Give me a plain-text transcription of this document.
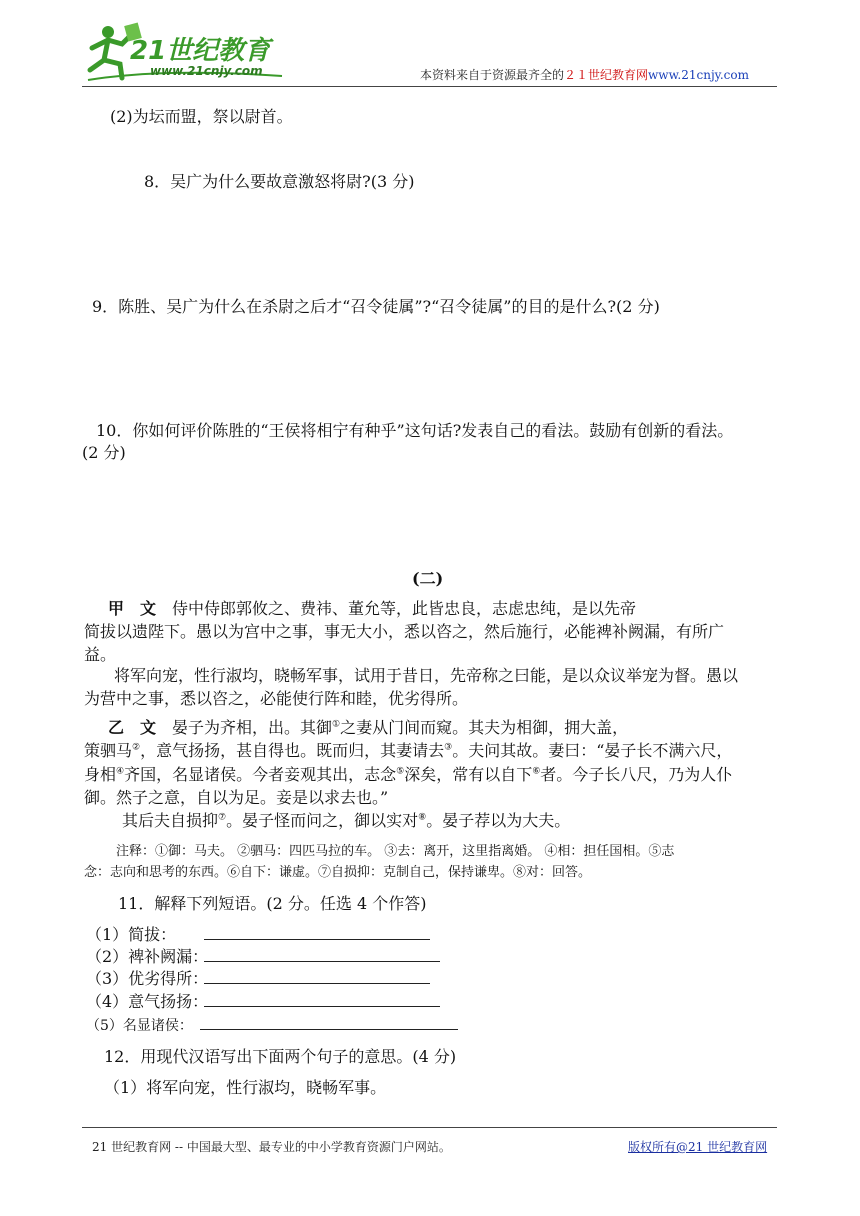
21世纪教育
www.21cnjy.com	本资料来自于资源最齐全的２１世纪教育网www.21cnjy.com
(2)为坛而盟，祭以尉首。
8．吴广为什么要故意激怒将尉?(3 分)
9．陈胜、吴广为什么在杀尉之后才“召令徒属”?“召令徒属”的目的是什么?(2 分)
10．你如何评价陈胜的“王侯将相宁有种乎”这句话?发表自己的看法。鼓励有创新的看法。
(2 分)
(二)
甲　文　 侍中侍郎郭攸之、费祎、董允等，此皆忠良，志虑忠纯，是以先帝
简拔以遗陛下。愚以为宫中之事，事无大小，悉以咨之，然后施行，必能裨补阙漏，有所广
益。
将军向宠，性行淑均，晓畅军事，试用于昔日，先帝称之曰能，是以众议举宠为督。愚以
为营中之事，悉以咨之，必能使行阵和睦，优劣得所。
乙　文　 晏子为齐相，出。其御①之妻从门间而窥。其夫为相御，拥大盖，
策驷马②，意气扬扬，甚自得也。既而归，其妻请去③。夫问其故。妻曰：“晏子长不满六尺，
身相④齐国，名显诸侯。今者妾观其出，志念⑤深矣，常有以自下⑥者。今子长八尺，乃为人仆
御。然子之意，自以为足。妾是以求去也。”
其后夫自损抑⑦。晏子怪而问之，御以实对⑧。晏子荐以为大夫。
注释：①御：马夫。 ②驷马：四匹马拉的车。 ③去：离开，这里指离婚。 ④相：担任国相。⑤志
念：志向和思考的东西。⑥自下：谦虚。⑦自损抑：克制自己，保持谦卑。⑧对：回答。
11．解释下列短语。(2 分。任选 4 个作答)
（1）简拔：
（2）裨补阙漏：
（3）优劣得所：
（4）意气扬扬：
（5）名显诸侯：
12．用现代汉语写出下面两个句子的意思。(4 分)
（1）将军向宠，性行淑均，晓畅军事。
21 世纪教育网 -- 中国最大型、最专业的中小学教育资源门户网站。	版权所有@21 世纪教育网
